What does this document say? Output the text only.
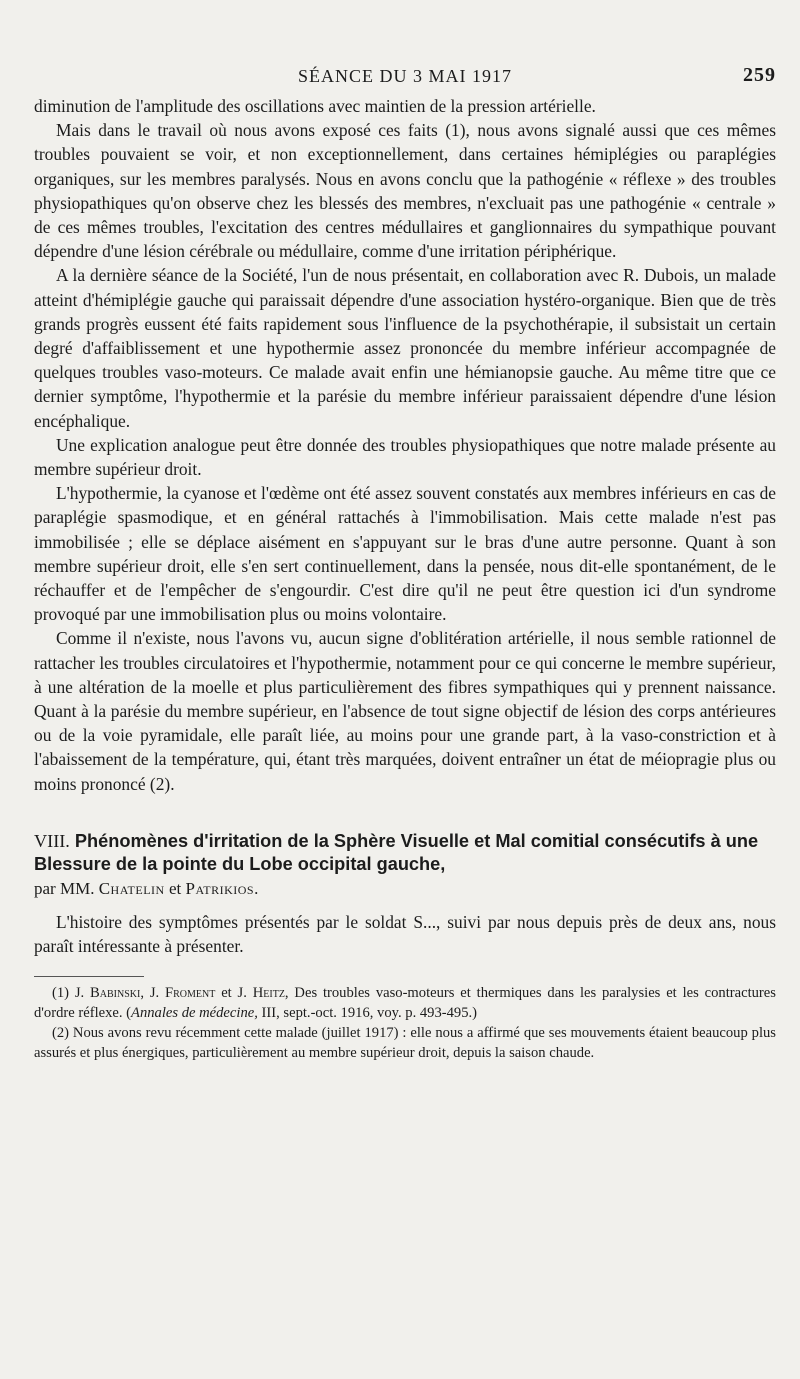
SÉANCE DU 3 MAI 1917	259

diminution de l'amplitude des oscillations avec maintien de la pression artérielle.

Mais dans le travail où nous avons exposé ces faits (1), nous avons signalé aussi que ces mêmes troubles pouvaient se voir, et non exceptionnellement, dans certaines hémiplégies ou paraplégies organiques, sur les membres paralysés. Nous en avons conclu que la pathogénie « réflexe » des troubles physiopathiques qu'on observe chez les blessés des membres, n'excluait pas une pathogénie « centrale » de ces mêmes troubles, l'excitation des centres médullaires et ganglionnaires du sympathique pouvant dépendre d'une lésion cérébrale ou médullaire, comme d'une irritation périphérique.

A la dernière séance de la Société, l'un de nous présentait, en collaboration avec R. Dubois, un malade atteint d'hémiplégie gauche qui paraissait dépendre d'une association hystéro-organique. Bien que de très grands progrès eussent été faits rapidement sous l'influence de la psychothérapie, il subsistait un certain degré d'affaiblissement et une hypothermie assez prononcée du membre inférieur accompagnée de quelques troubles vaso-moteurs. Ce malade avait enfin une hémianopsie gauche. Au même titre que ce dernier symptôme, l'hypothermie et la parésie du membre inférieur paraissaient dépendre d'une lésion encéphalique.

Une explication analogue peut être donnée des troubles physiopathiques que notre malade présente au membre supérieur droit.

L'hypothermie, la cyanose et l'œdème ont été assez souvent constatés aux membres inférieurs en cas de paraplégie spasmodique, et en général rattachés à l'immobilisation. Mais cette malade n'est pas immobilisée ; elle se déplace aisément en s'appuyant sur le bras d'une autre personne. Quant à son membre supérieur droit, elle s'en sert continuellement, dans la pensée, nous dit-elle spontanément, de le réchauffer et de l'empêcher de s'engourdir. C'est dire qu'il ne peut être question ici d'un syndrome provoqué par une immobilisation plus ou moins volontaire.

Comme il n'existe, nous l'avons vu, aucun signe d'oblitération artérielle, il nous semble rationnel de rattacher les troubles circulatoires et l'hypothermie, notamment pour ce qui concerne le membre supérieur, à une altération de la moelle et plus particulièrement des fibres sympathiques qui y prennent naissance. Quant à la parésie du membre supérieur, en l'absence de tout signe objectif de lésion des corps antérieures ou de la voie pyramidale, elle paraît liée, au moins pour une grande part, à la vaso-constriction et à l'abaissement de la température, qui, étant très marquées, doivent entraîner un état de méiopragie plus ou moins prononcé (2).

VIII. Phénomènes d'irritation de la Sphère Visuelle et Mal comitial consécutifs à une Blessure de la pointe du Lobe occipital gauche,
par MM. Chatelin et Patrikios.

L'histoire des symptômes présentés par le soldat S..., suivi par nous depuis près de deux ans, nous paraît intéressante à présenter.

(1) J. Babinski, J. Froment et J. Heitz, Des troubles vaso-moteurs et thermiques dans les paralysies et les contractures d'ordre réflexe. (Annales de médecine, III, sept.-oct. 1916, voy. p. 493-495.)

(2) Nous avons revu récemment cette malade (juillet 1917) : elle nous a affirmé que ses mouvements étaient beaucoup plus assurés et plus énergiques, particulièrement au membre supérieur droit, depuis la saison chaude.
